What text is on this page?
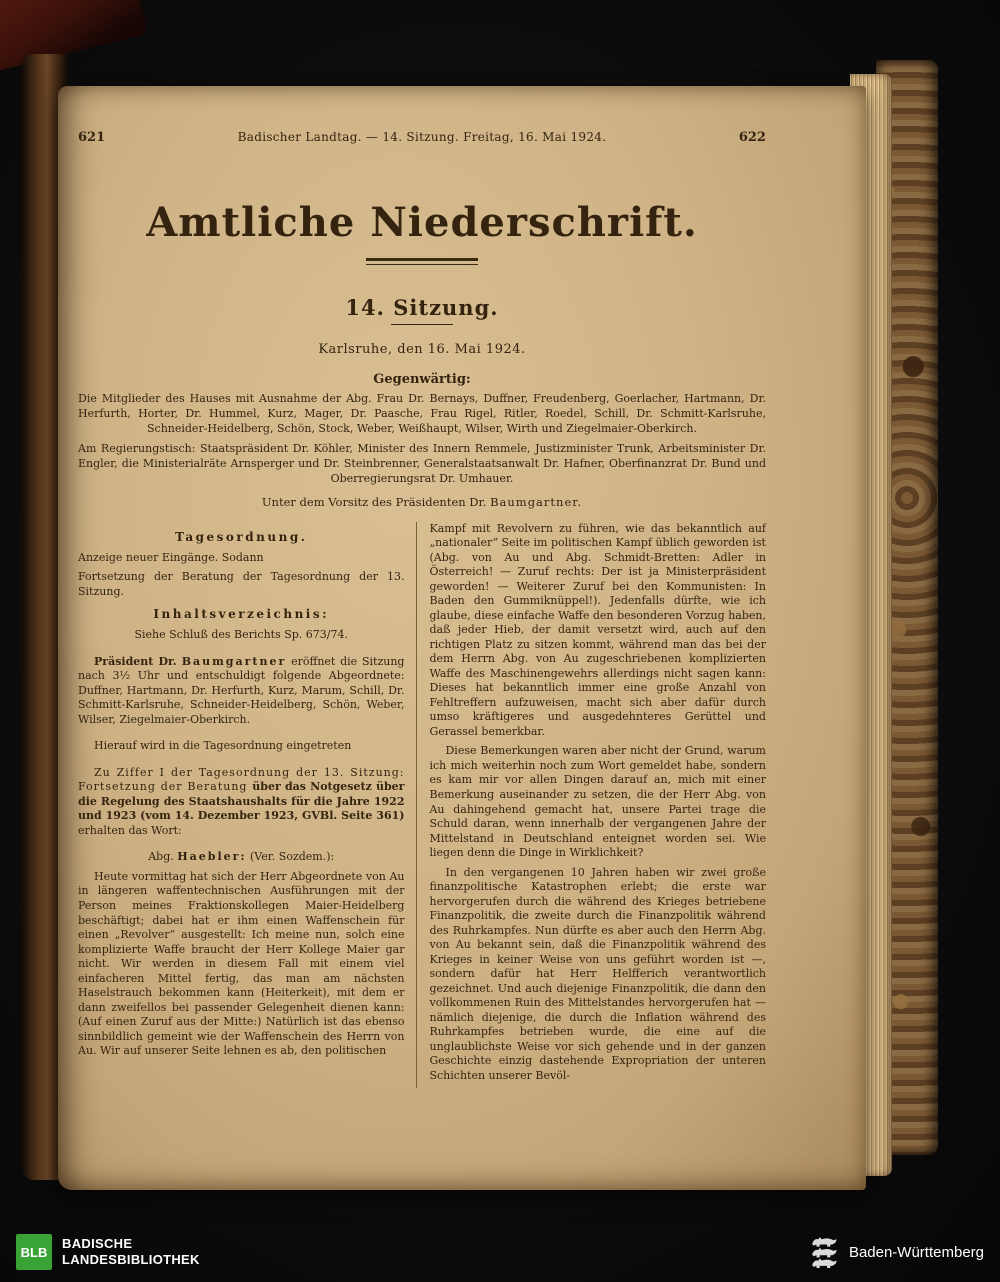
621	Badischer Landtag. — 14. Sitzung. Freitag, 16. Mai 1924.	622
Amtliche Niederschrift.
14. Sitzung.
Karlsruhe, den 16. Mai 1924.
Gegenwärtig:

Die Mitglieder des Hauses mit Ausnahme der Abg. Frau Dr. Bernays, Duffner, Freudenberg, Goerlacher, Hartmann, Dr. Herfurth, Horter, Dr. Hummel, Kurz, Mager, Dr. Paasche, Frau Rigel, Ritler, Roedel, Schill, Dr. Schmitt-Karlsruhe, Schneider-Heidelberg, Schön, Stock, Weber, Weißhaupt, Wilser, Wirth und Ziegelmaier-Oberkirch.

Am Regierungstisch: Staatspräsident Dr. Köhler, Minister des Innern Remmele, Justizminister Trunk, Arbeitsminister Dr. Engler, die Ministerialräte Arnsperger und Dr. Steinbrenner, Generalstaatsanwalt Dr. Hafner, Oberfinanzrat Dr. Bund und Oberregierungsrat Dr. Umhauer.

Unter dem Vorsitz des Präsidenten Dr. Baumgartner.
Tagesordnung.

Anzeige neuer Eingänge. Sodann

Fortsetzung der Beratung der Tagesordnung der 13. Sitzung.

Inhaltsverzeichnis:

Siehe Schluß des Berichts Sp. 673/74.

Präsident Dr. Baumgartner eröffnet die Sitzung nach 3½ Uhr und entschuldigt folgende Abgeordnete: Duffner, Hartmann, Dr. Herfurth, Kurz, Marum, Schill, Dr. Schmitt-Karlsruhe, Schneider-Heidelberg, Schön, Weber, Wilser, Ziegelmaier-Oberkirch.

Hierauf wird in die Tagesordnung eingetreten

Zu Ziffer I der Tagesordnung der 13. Sitzung: Fortsetzung der Beratung über das Notgesetz über die Regelung des Staatshaushalts für die Jahre 1922 und 1923 (vom 14. Dezember 1923, GVBl. Seite 361) erhalten das Wort:

Abg. Haebler: (Ver. Sozdem.):

Heute vormittag hat sich der Herr Abgeordnete von Au in längeren waffentechnischen Ausführungen mit der Person meines Fraktionskollegen Maier-Heidelberg beschäftigt; dabei hat er ihm einen Waffenschein für einen „Revolver“ ausgestellt: Ich meine nun, solch eine komplizierte Waffe braucht der Herr Kollege Maier gar nicht. Wir werden in diesem Fall mit einem viel einfacheren Mittel fertig, das man am nächsten Haselstrauch bekommen kann (Heiterkeit), mit dem er dann zweifellos bei passender Gelegenheit dienen kann: (Auf einen Zuruf aus der Mitte:) Natürlich ist das ebenso sinnbildlich gemeint wie der Waffenschein des Herrn von Au. Wir auf unserer Seite lehnen es ab, den politischen

Kampf mit Revolvern zu führen, wie das bekanntlich auf „nationaler“ Seite im politischen Kampf üblich geworden ist (Abg. von Au und Abg. Schmidt-Bretten: Adler in Österreich! — Zuruf rechts: Der ist ja Ministerpräsident geworden! — Weiterer Zuruf bei den Kommunisten: In Baden den Gummiknüppel!). Jedenfalls dürfte, wie ich glaube, diese einfache Waffe den besonderen Vorzug haben, daß jeder Hieb, der damit versetzt wird, auch auf den richtigen Platz zu sitzen kommt, während man das bei der dem Herrn Abg. von Au zugeschriebenen komplizierten Waffe des Maschinengewehrs allerdings nicht sagen kann: Dieses hat bekanntlich immer eine große Anzahl von Fehltreffern aufzuweisen, macht sich aber dafür durch umso kräftigeres und ausgedehnteres Gerüttel und Gerassel bemerkbar.

Diese Bemerkungen waren aber nicht der Grund, warum ich mich weiterhin noch zum Wort gemeldet habe, sondern es kam mir vor allen Dingen darauf an, mich mit einer Bemerkung auseinander zu setzen, die der Herr Abg. von Au dahingehend gemacht hat, unsere Partei trage die Schuld daran, wenn innerhalb der vergangenen Jahre der Mittelstand in Deutschland enteignet worden sei. Wie liegen denn die Dinge in Wirklichkeit?

In den vergangenen 10 Jahren haben wir zwei große finanzpolitische Katastrophen erlebt; die erste war hervorgerufen durch die während des Krieges betriebene Finanzpolitik, die zweite durch die Finanzpolitik während des Ruhrkampfes. Nun dürfte es aber auch den Herrn Abg. von Au bekannt sein, daß die Finanzpolitik während des Krieges in keiner Weise von uns geführt worden ist —, sondern dafür hat Herr Helfferich verantwortlich gezeichnet. Und auch diejenige Finanzpolitik, die dann den vollkommenen Ruin des Mittelstandes hervorgerufen hat — nämlich diejenige, die durch die Inflation während des Ruhrkampfes betrieben wurde, die eine auf die unglaublichste Weise vor sich gehende und in der ganzen Geschichte einzig dastehende Expropriation der unteren Schichten unserer Bevöl-

BLB
BADISCHE
LANDESBIBLIOTHEK	Baden-Württemberg
